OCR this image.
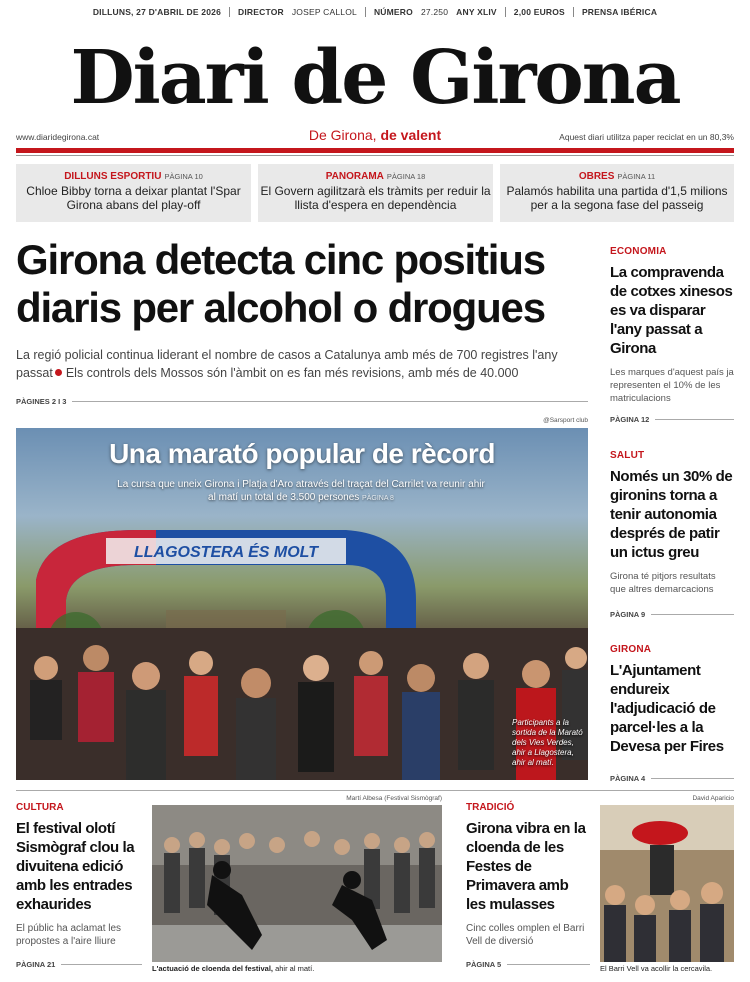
DILLUNS, 27 D'ABRIL DE 2026 DIRECTOR JOSEP CALLOL NÚMERO 27.250 ANY XLIV 2,00 EUROS PRENSA IBÉRICA
Diari de Girona
www.diaridegirona.cat	De Girona, de valent	Aquest diari utilitza paper reciclat en un 80,3%
DILLUNS ESPORTIU PÀGINA 10
Chloe Bibby torna a deixar plantat l'Spar Girona abans del play-off
PANORAMA PÀGINA 18
El Govern agilitzarà els tràmits per reduir la llista d'espera en dependència
OBRES PÀGINA 11
Palamós habilita una partida d'1,5 milions per a la segona fase del passeig
Girona detecta cinc positius diaris per alcohol o drogues
La regió policial continua liderant el nombre de casos a Catalunya amb més de 700 registres l'any passat Els controls dels Mossos són l'àmbit on es fan més revisions, amb més de 40.000
PÀGINES 2 I 3
@Sarsport club
LLAGOSTERA ÉS MOLT
Una marató popular de rècord
La cursa que uneix Girona i Platja d'Aro através del traçat del Carrilet va reunir ahir al matí un total de 3.500 persones PÀGINA 8
Participants a la sortida de la Marató dels Vies Verdes, ahir a Llagostera, ahir al matí.
ECONOMIA
La compravenda de cotxes xinesos es va disparar l'any passat a Girona
Les marques d'aquest país ja representen el 10% de les matriculacions
PÀGINA 12
SALUT
Només un 30% de gironins torna a tenir autonomia després de patir un ictus greu
Girona té pitjors resultats que altres demarcacions
PÀGINA 9
GIRONA
L'Ajuntament endureix l'adjudicació de parcel·les a la Devesa per Fires
PÀGINA 4
CULTURA
El festival olotí Sismògraf clou la divuitena edició amb les entrades exhaurides
El públic ha aclamat les propostes a l'aire lliure
PÀGINA 21
Martí Albesa (Festival Sismògraf)
L'actuació de cloenda del festival, ahir al matí.
TRADICIÓ
Girona vibra en la cloenda de les Festes de Primavera amb les mulasses
Cinc colles omplen el Barri Vell de diversió
PÀGINA 5
David Aparicio
El Barri Vell va acollir la cercavila.
